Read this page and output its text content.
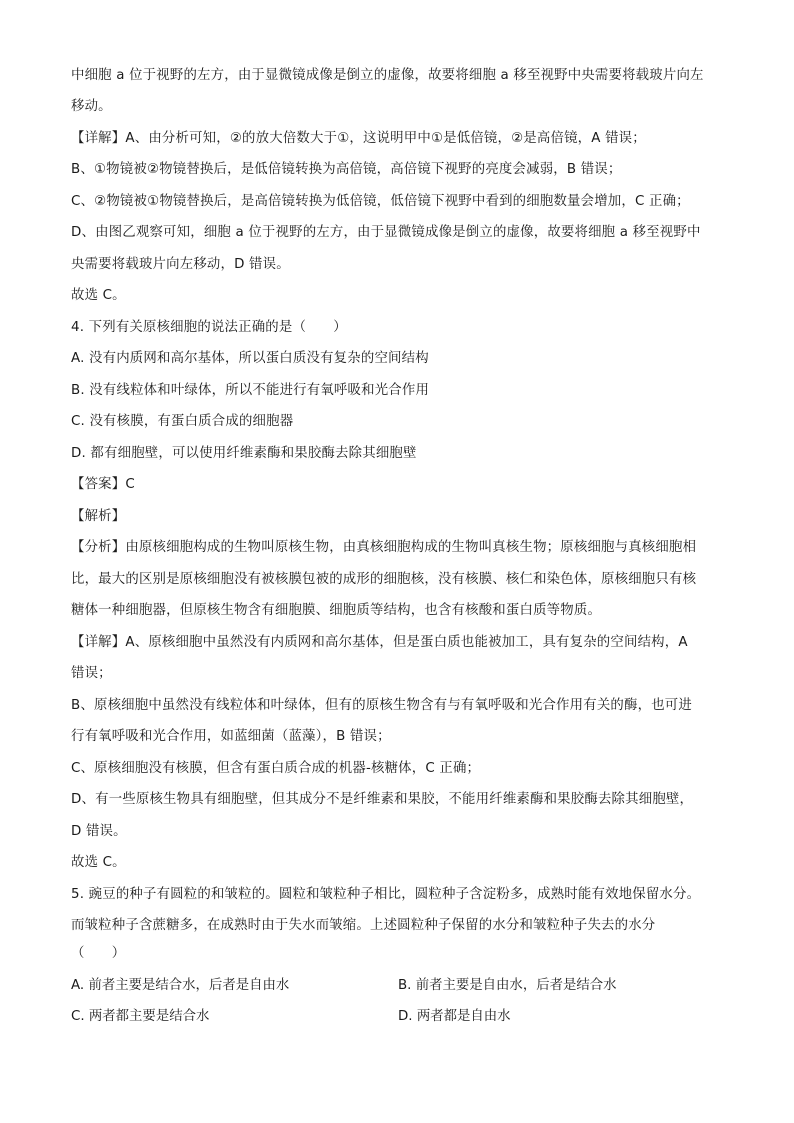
中细胞 a 位于视野的左方，由于显微镜成像是倒立的虚像，故要将细胞 a 移至视野中央需要将载玻片向左
移动。
【详解】A、由分析可知，②的放大倍数大于①，这说明甲中①是低倍镜，②是高倍镜，A 错误；
B、①物镜被②物镜替换后，是低倍镜转换为高倍镜，高倍镜下视野的亮度会减弱，B 错误；
C、②物镜被①物镜替换后，是高倍镜转换为低倍镜，低倍镜下视野中看到的细胞数量会增加，C 正确；
D、由图乙观察可知，细胞 a 位于视野的左方，由于显微镜成像是倒立的虚像，故要将细胞 a 移至视野中
央需要将载玻片向左移动，D 错误。
故选 C。
4. 下列有关原核细胞的说法正确的是（　　）
A. 没有内质网和高尔基体，所以蛋白质没有复杂的空间结构
B. 没有线粒体和叶绿体，所以不能进行有氧呼吸和光合作用
C. 没有核膜，有蛋白质合成的细胞器
D. 都有细胞壁，可以使用纤维素酶和果胶酶去除其细胞壁
【答案】C
【解析】
【分析】由原核细胞构成的生物叫原核生物，由真核细胞构成的生物叫真核生物；原核细胞与真核细胞相
比，最大的区别是原核细胞没有被核膜包被的成形的细胞核，没有核膜、核仁和染色体，原核细胞只有核
糖体一种细胞器，但原核生物含有细胞膜、细胞质等结构，也含有核酸和蛋白质等物质。
【详解】A、原核细胞中虽然没有内质网和高尔基体，但是蛋白质也能被加工，具有复杂的空间结构，A
错误；
B、原核细胞中虽然没有线粒体和叶绿体，但有的原核生物含有与有氧呼吸和光合作用有关的酶，也可进
行有氧呼吸和光合作用，如蓝细菌（蓝藻），B 错误；
C、原核细胞没有核膜，但含有蛋白质合成的机器-核糖体，C 正确；
D、有一些原核生物具有细胞壁，但其成分不是纤维素和果胶，不能用纤维素酶和果胶酶去除其细胞壁，
D 错误。
故选 C。
5. 豌豆的种子有圆粒的和皱粒的。圆粒和皱粒种子相比，圆粒种子含淀粉多，成熟时能有效地保留水分。
而皱粒种子含蔗糖多，在成熟时由于失水而皱缩。上述圆粒种子保留的水分和皱粒种子失去的水分
（　　）
A. 前者主要是结合水，后者是自由水	B. 前者主要是自由水，后者是结合水
C. 两者都主要是结合水	D. 两者都是自由水
